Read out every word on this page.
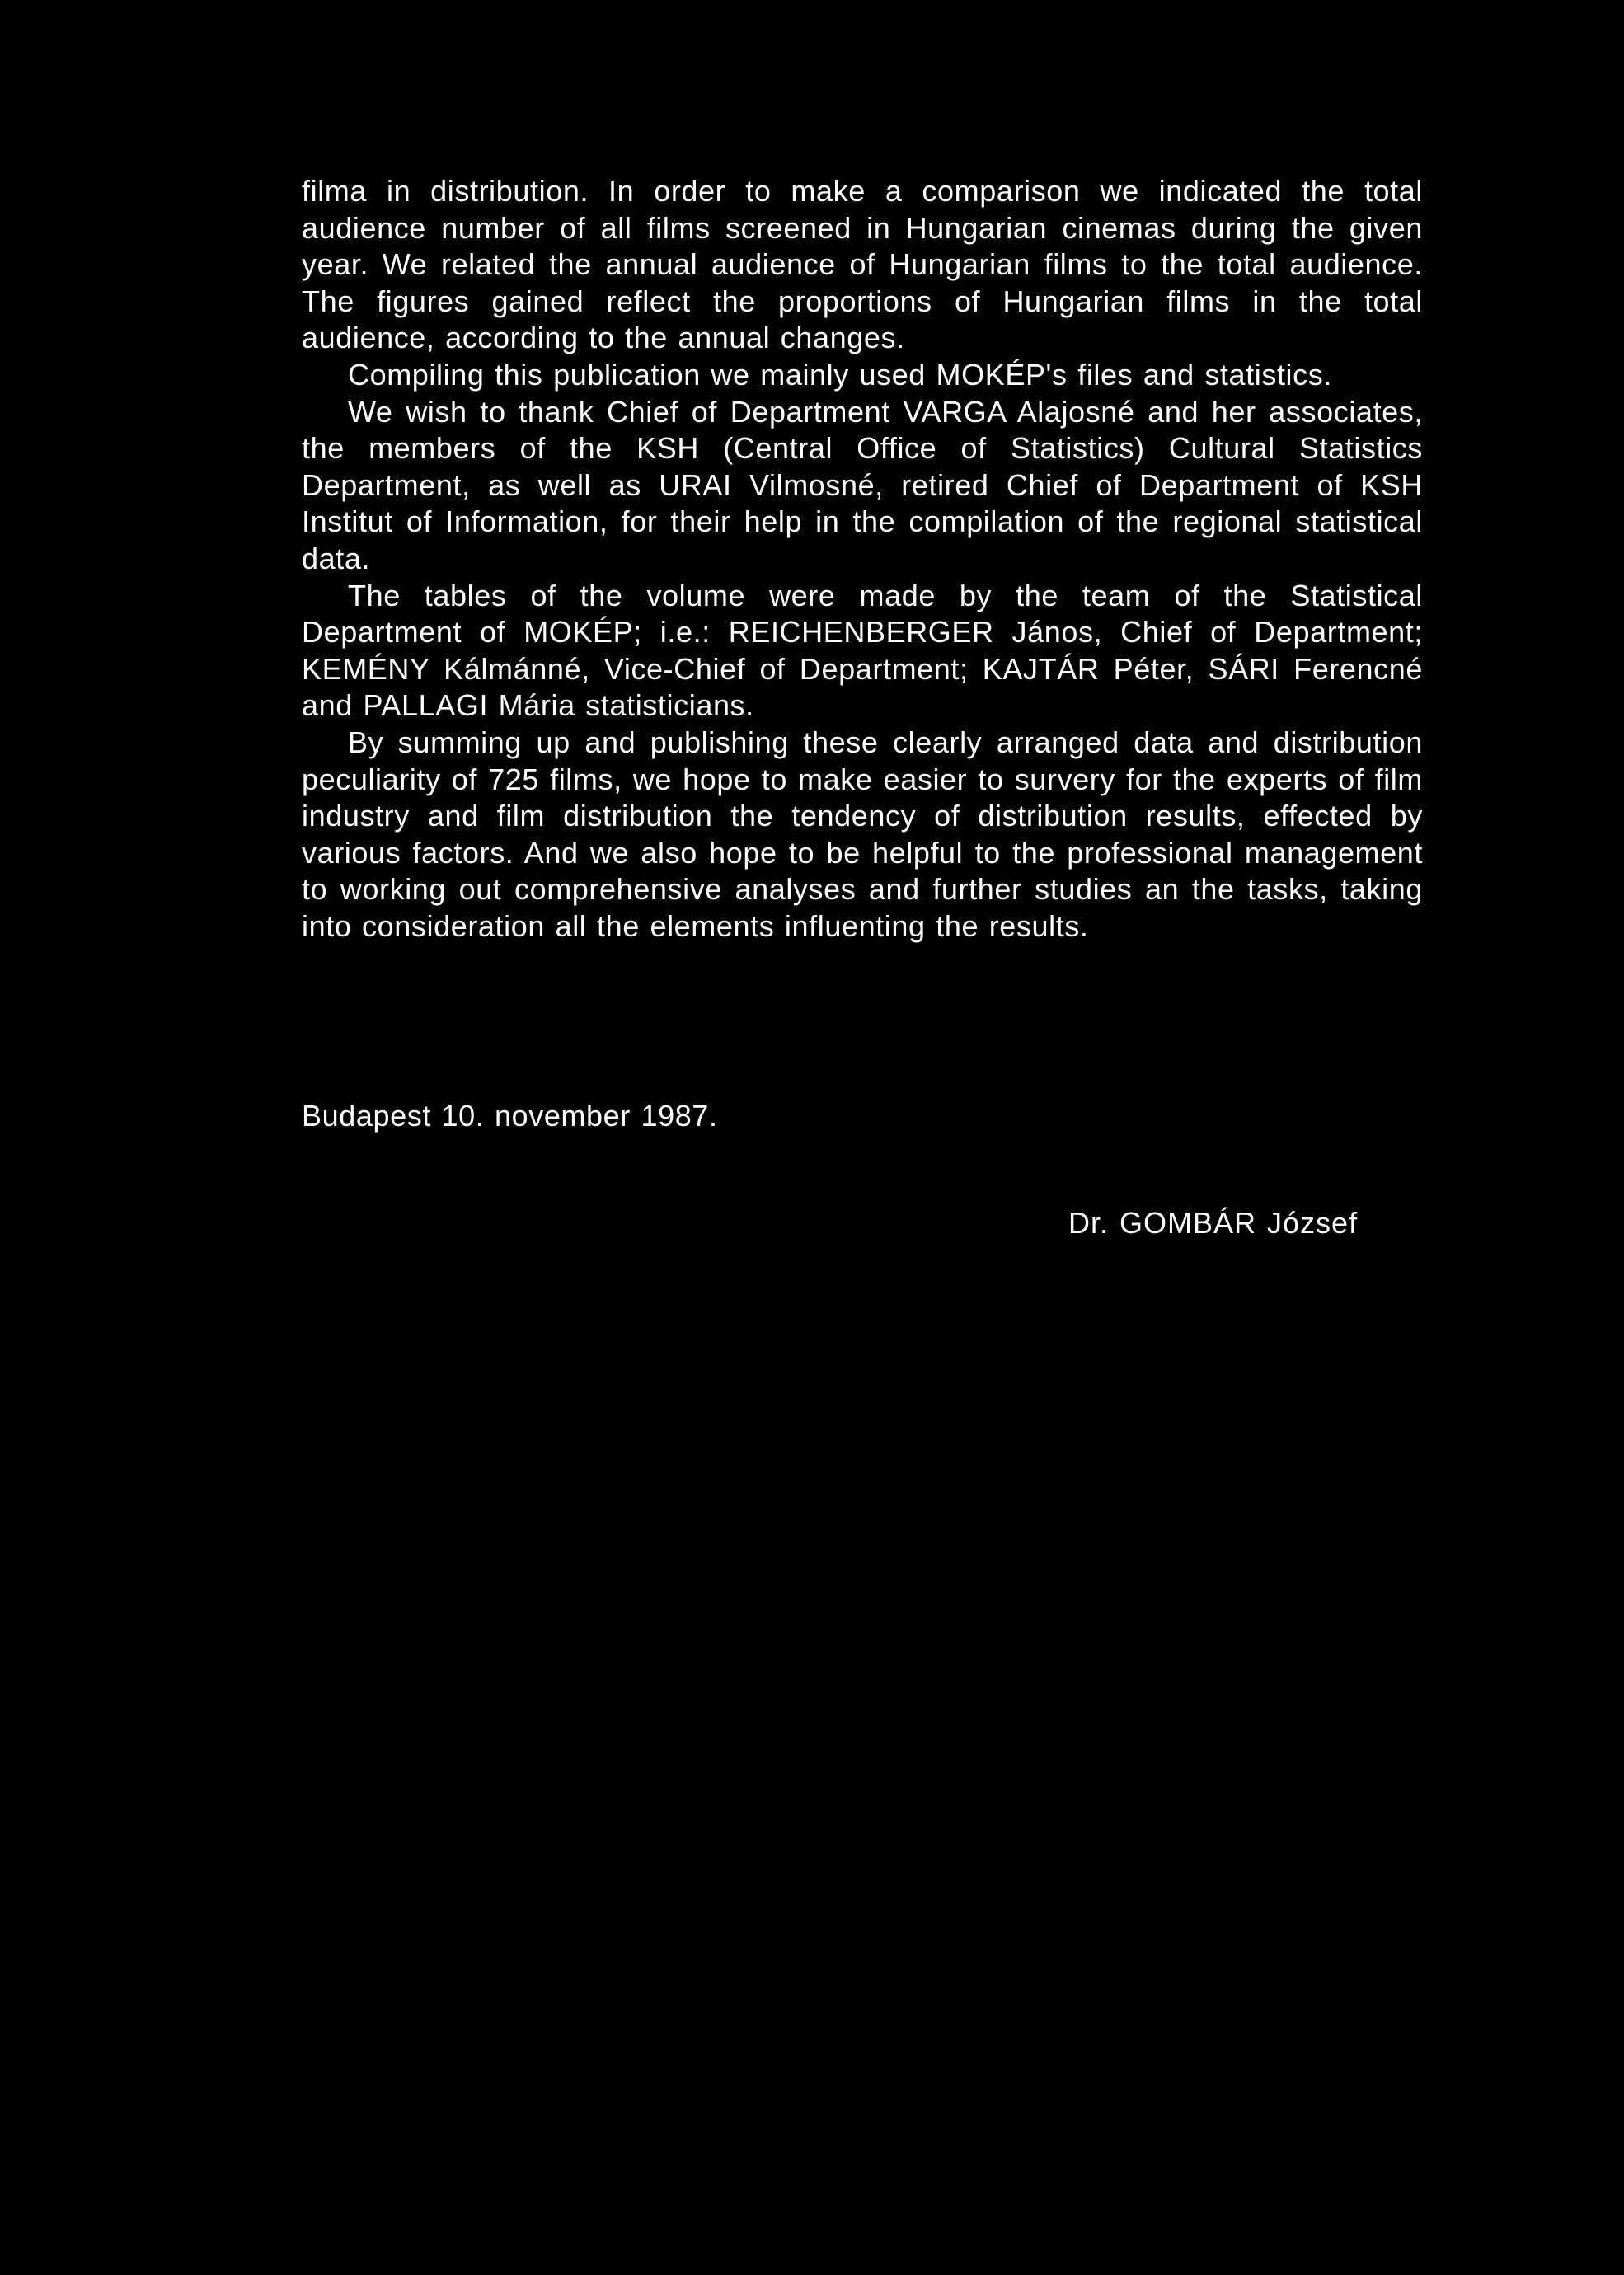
filma in distribution. In order to make a comparison we indicated the total audience number of all films screened in Hungarian cinemas during the given year. We related the annual audience of Hungarian films to the total audience. The figures gained reflect the proportions of Hungarian films in the total audience, according to the annual changes.

Compiling this publication we mainly used MOKÉP's files and statistics.

We wish to thank Chief of Department VARGA Alajosné and her associates, the members of the KSH (Central Office of Statistics) Cultural Statistics Department, as well as URAI Vilmosné, retired Chief of Department of KSH Institut of Information, for their help in the compilation of the regional statistical data.

The tables of the volume were made by the team of the Statistical Department of MOKÉP; i.e.: REICHENBERGER János, Chief of Department; KEMÉNY Kálmánné, Vice-Chief of Department; KAJTÁR Péter, SÁRI Ferencné and PALLAGI Mária statisticians.

By summing up and publishing these clearly arranged data and distribution peculiarity of 725 films, we hope to make easier to survery for the experts of film industry and film distribution the tendency of distribution results, effected by various factors. And we also hope to be helpful to the professional management to working out comprehensive analyses and further studies an the tasks, taking into consideration all the elements influenting the results.

Budapest 10. november 1987.
Dr. GOMBÁR József
